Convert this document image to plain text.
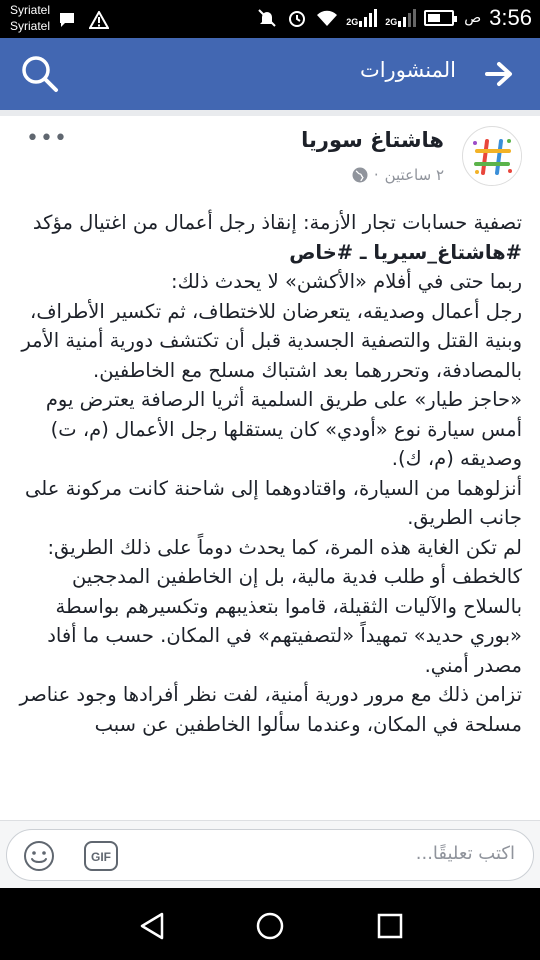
Syriatel
Syriatel	2G	2G	ص 3:56
المنشورات
•••	هاشتاغ سوريا
٢ ساعتين
·

تصفية حسابات تجار الأزمة: إنقاذ رجل أعمال من اغتيال مؤكد

#هاشتاغ_سيريا ـ #خاص

ربما حتى في أفلام «الأكشن» لا يحدث ذلك:

رجل أعمال وصديقه، يتعرضان للاختطاف، ثم تكسير الأطراف، وبنية القتل والتصفية الجسدية قبل أن تكتشف دورية أمنية الأمر بالمصادفة، وتحررهما بعد اشتباك مسلح مع الخاطفين.

«حاجز طيار» على طريق السلمية أثريا الرصافة يعترض يوم أمس سيارة نوع «أودي» كان يستقلها رجل الأعمال (م، ت) وصديقه (م، ك).

أنزلوهما من السيارة، واقتادوهما إلى شاحنة كانت مركونة على جانب الطريق.

لم تكن الغاية هذه المرة، كما يحدث دوماً على ذلك الطريق: كالخطف أو طلب فدية مالية، بل إن الخاطفين المدججين بالسلاح والآليات الثقيلة، قاموا بتعذيبهم وتكسيرهم بواسطة «بوري حديد» تمهيداً «لتصفيتهم» في المكان. حسب ما أفاد مصدر أمني.

تزامن ذلك مع مرور دورية أمنية، لفت نظر أفرادها وجود عناصر مسلحة في المكان، وعندما سألوا الخاطفين عن سبب

GIF	اكتب تعليقًا...
